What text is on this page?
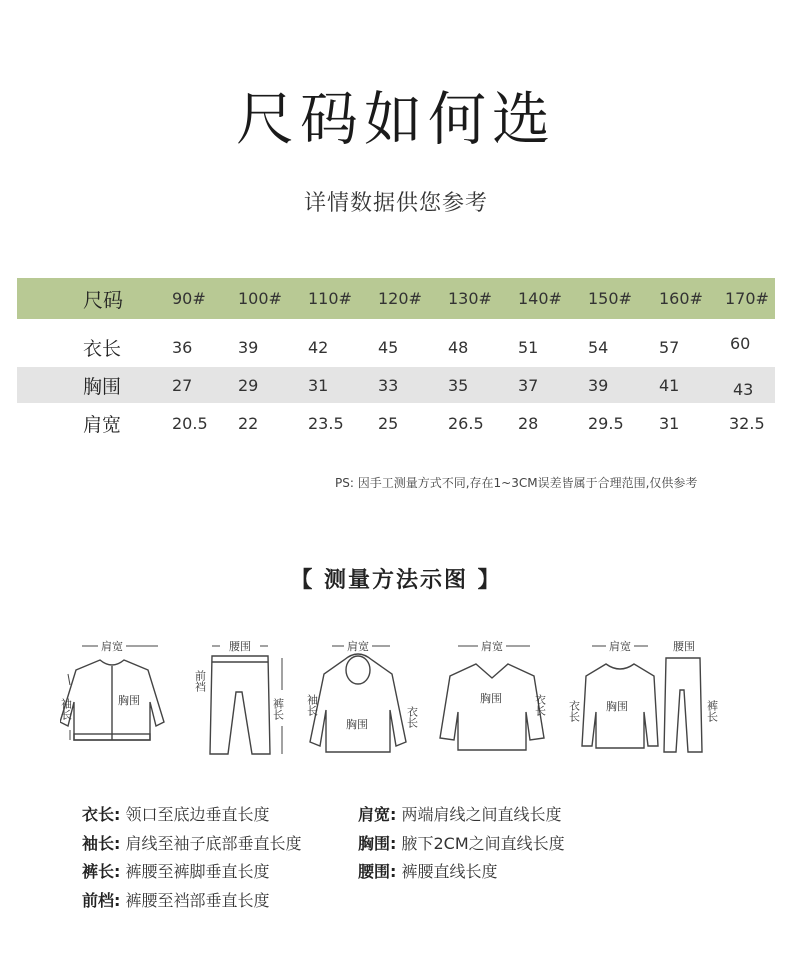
尺码如何选
详情数据供您参考
尺码	90# 100# 110# 120# 130# 140# 150# 160# 170#
衣长	36	39	42	45	48	51	54	57	60
胸围	27	29	31	33	35	37	39	41	43
肩宽	20.5 22	23.5 25	26.5 28	29.5 31	32.5
PS: 因手工测量方式不同,存在1~3CM误差皆属于合理范围,仅供参考
【 测量方法示图 】
肩宽
胸围
袖长
腰围
前裆
裤长
肩宽
胸围
袖长
衣长
肩宽
胸围	衣长
肩宽
胸围
衣长
腰围
裤长
衣长: 领口至底边垂直长度	肩宽: 两端肩线之间直线长度
袖长: 肩线至袖子底部垂直长度	胸围: 腋下2CM之间直线长度
裤长: 裤腰至裤脚垂直长度	腰围: 裤腰直线长度
前档: 裤腰至裆部垂直长度
